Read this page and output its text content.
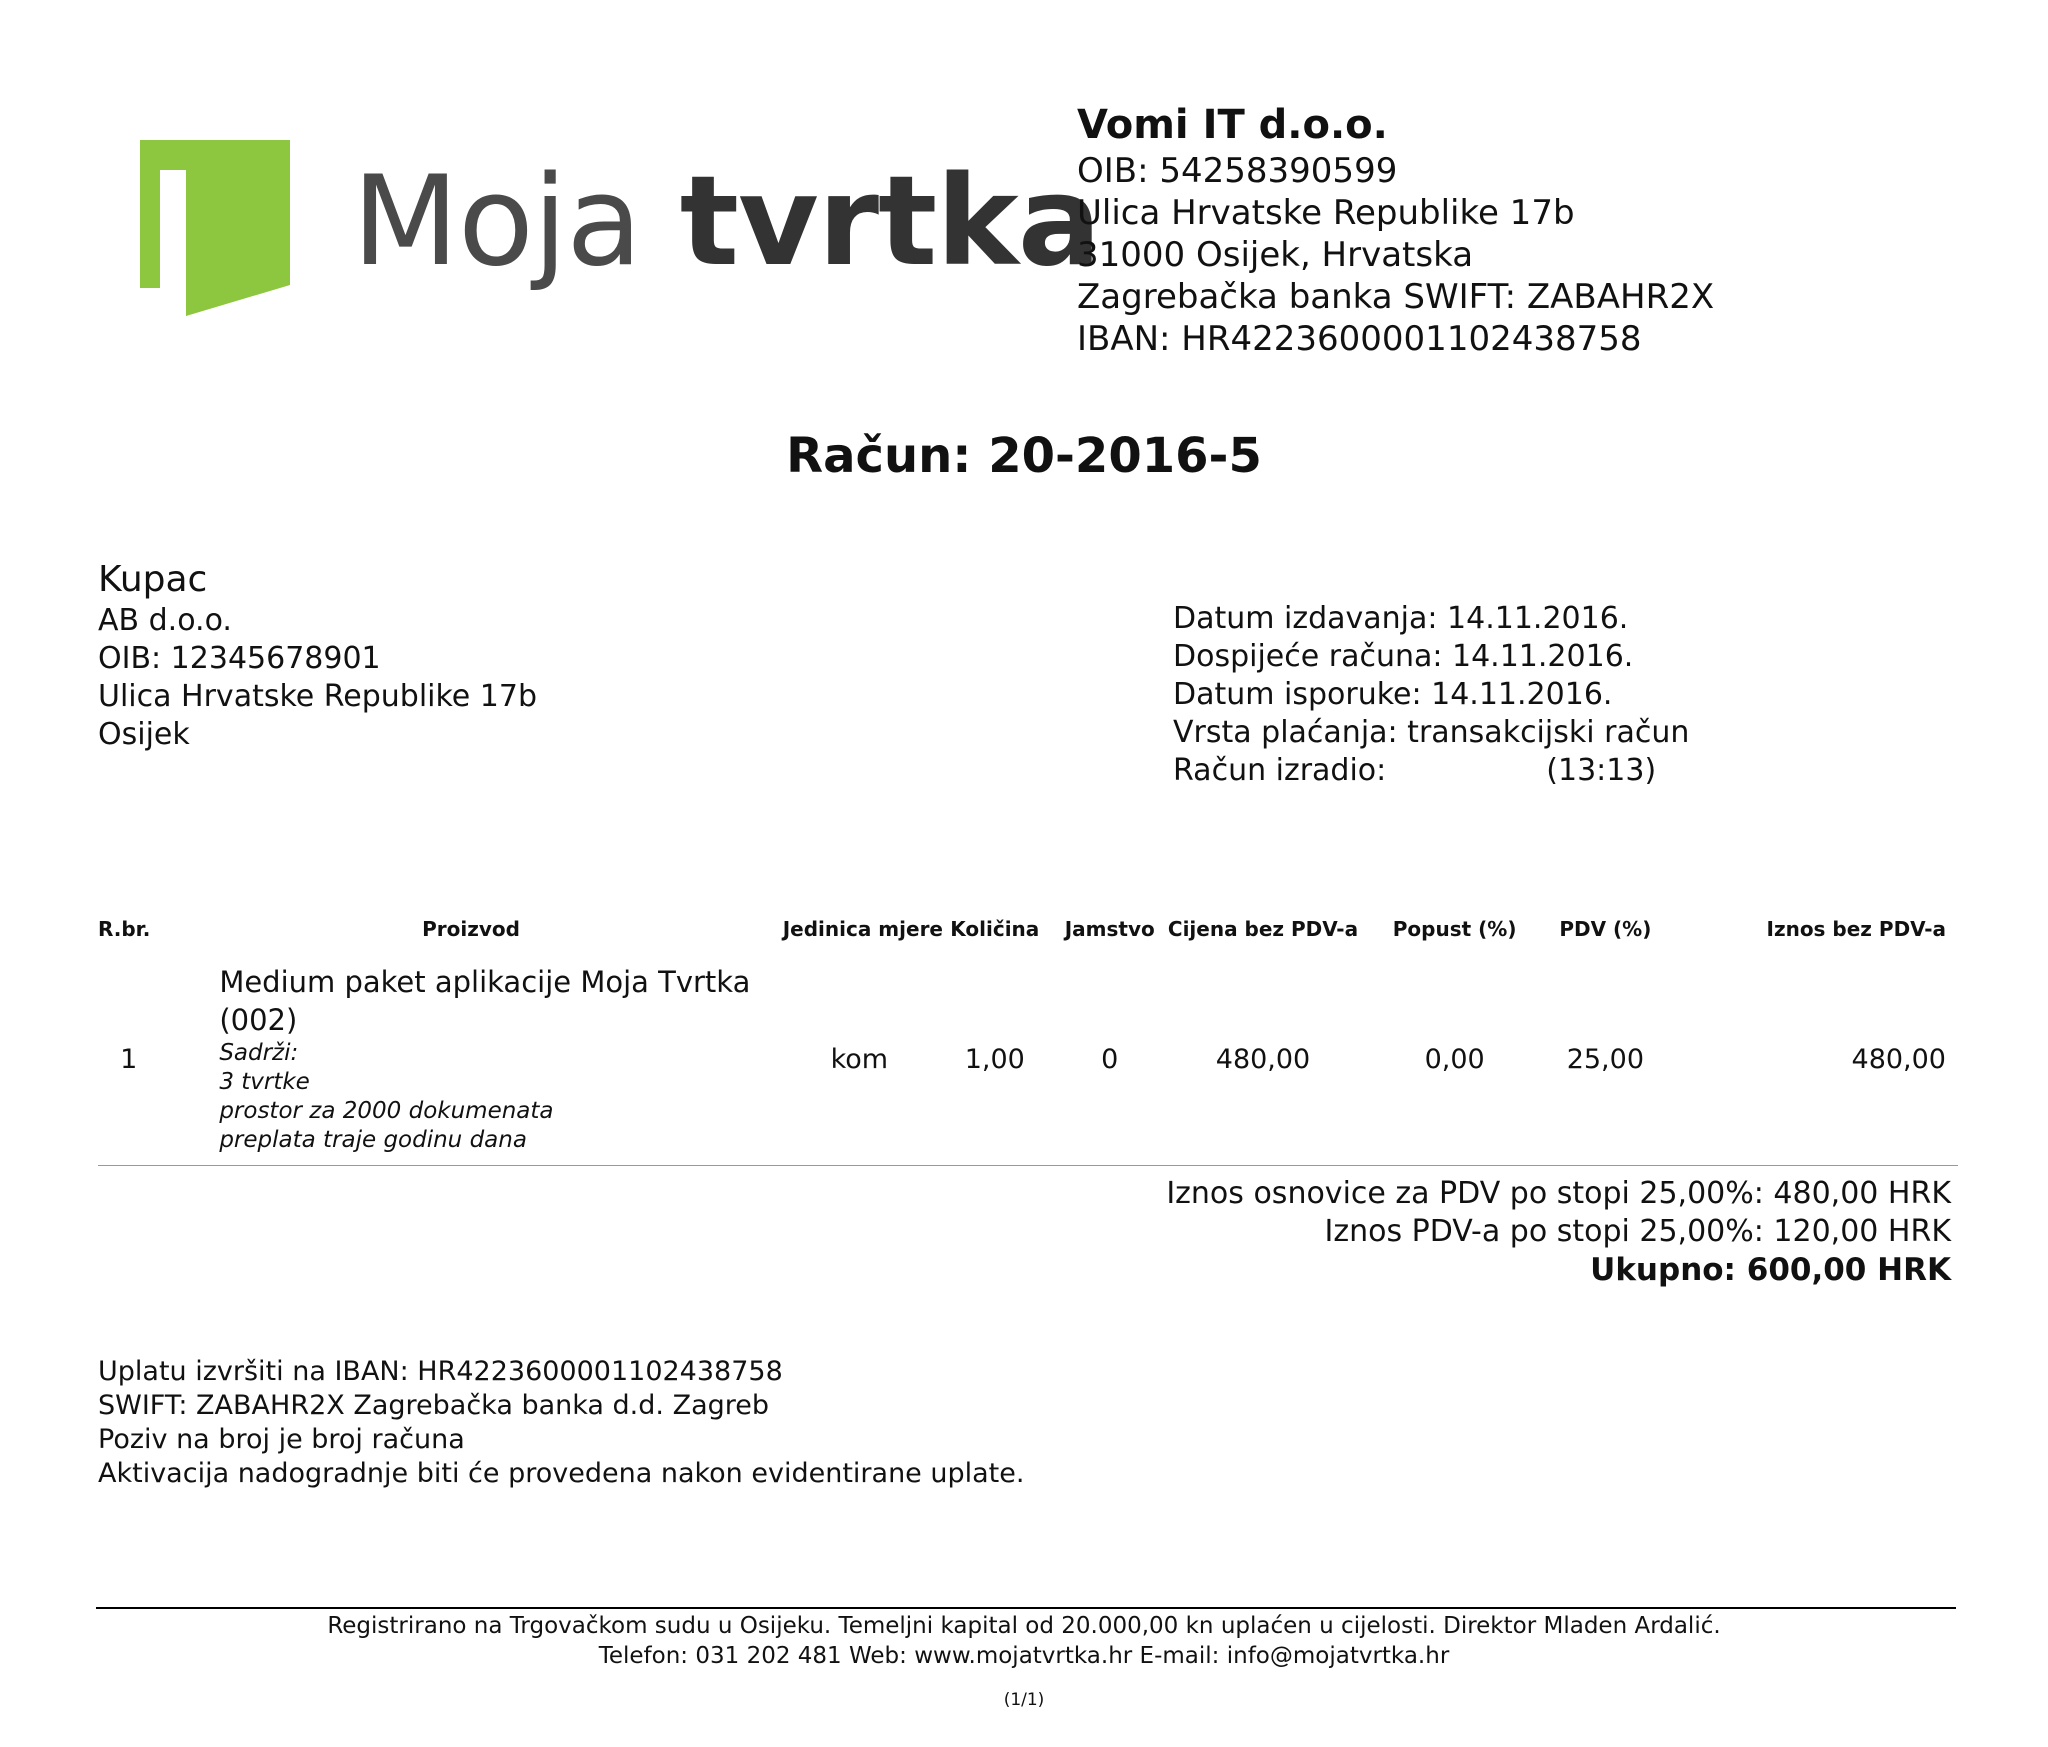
Moja tvrtka
Vomi IT d.o.o.
OIB: 54258390599
Ulica Hrvatske Republike 17b
31000 Osijek, Hrvatska
Zagrebačka banka SWIFT: ZABAHR2X
IBAN: HR4223600001102438758
Račun: 20-2016-5
Kupac
AB d.o.o.
OIB: 12345678901
Ulica Hrvatske Republike 17b
Osijek
Datum izdavanja: 14.11.2016.
Dospijeće računa: 14.11.2016.
Datum isporuke: 14.11.2016.
Vrsta plaćanja: transakcijski račun
Račun izradio:	(13:13)
R.br.	Proizvod	Jedinica mjere	Količina	Jamstvo	Cijena bez PDV-a	Popust (%)	PDV (%)	Iznos bez PDV-a
1	Medium paket aplikacije Moja Tvrtka (002)
Sadrži:
3 tvrtke
prostor za 2000 dokumenata
preplata traje godinu dana	kom	1,00	0	480,00	0,00	25,00	480,00
Iznos osnovice za PDV po stopi 25,00%: 480,00 HRK
Iznos PDV-a po stopi 25,00%: 120,00 HRK
Ukupno: 600,00 HRK
Uplatu izvršiti na IBAN: HR4223600001102438758
SWIFT: ZABAHR2X Zagrebačka banka d.d. Zagreb
Poziv na broj je broj računa
Aktivacija nadogradnje biti će provedena nakon evidentirane uplate.
Registrirano na Trgovačkom sudu u Osijeku. Temeljni kapital od 20.000,00 kn uplaćen u cijelosti. Direktor Mladen Ardalić.
Telefon: 031 202 481 Web: www.mojatvrtka.hr E-mail: info@mojatvrtka.hr
(1/1)
